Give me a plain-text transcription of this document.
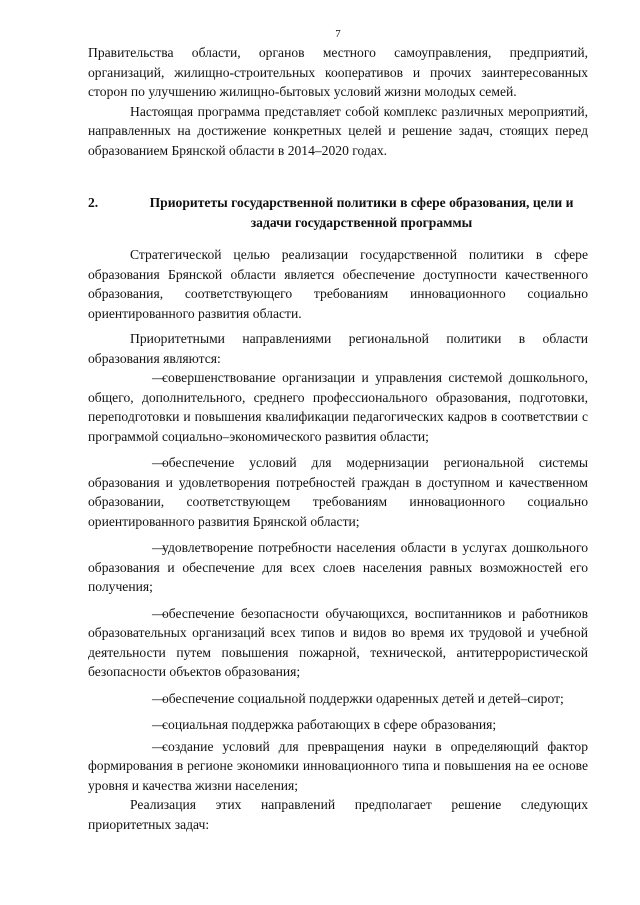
7

Правительства области, органов местного самоуправления, предприятий, организаций, жилищно-строительных кооперативов и прочих заинтересованных сторон по улучшению жилищно-бытовых условий жизни молодых семей.

Настоящая программа представляет собой комплекс различных мероприятий, направленных на достижение конкретных целей и решение задач, стоящих перед образованием Брянской области в 2014–2020 годах.

2.	Приоритеты государственной политики в сфере образования, цели и задачи государственной программы

Стратегической целью реализации государственной политики в сфере образования Брянской области является обеспечение доступности качественного образования, соответствующего требованиям инновационного социально ориентированного развития области.

Приоритетными направлениями региональной политики в области образования являются:

—совершенствование организации и управления системой дошкольного, общего, дополнительного, среднего профессионального образования, подготовки, переподготовки и повышения квалификации педагогических кадров в соответствии с программой социально–экономического развития области;

—обеспечение условий для модернизации региональной системы образования и удовлетворения потребностей граждан в доступном и качественном образовании, соответствующем требованиям инновационного социально ориентированного развития Брянской области;

—удовлетворение потребности населения области в услугах дошкольного образования и обеспечение для всех слоев населения равных возможностей его получения;

—обеспечение безопасности обучающихся, воспитанников и работников образовательных организаций всех типов и видов во время их трудовой и учебной деятельности путем повышения пожарной, технической, антитеррористической безопасности объектов образования;

—обеспечение социальной поддержки одаренных детей и детей–сирот;

—социальная поддержка работающих в сфере образования;

—создание условий для превращения науки в определяющий фактор формирования в регионе экономики инновационного типа и повышения на ее основе уровня и качества жизни населения;

Реализация этих направлений предполагает решение следующих приоритетных задач:
